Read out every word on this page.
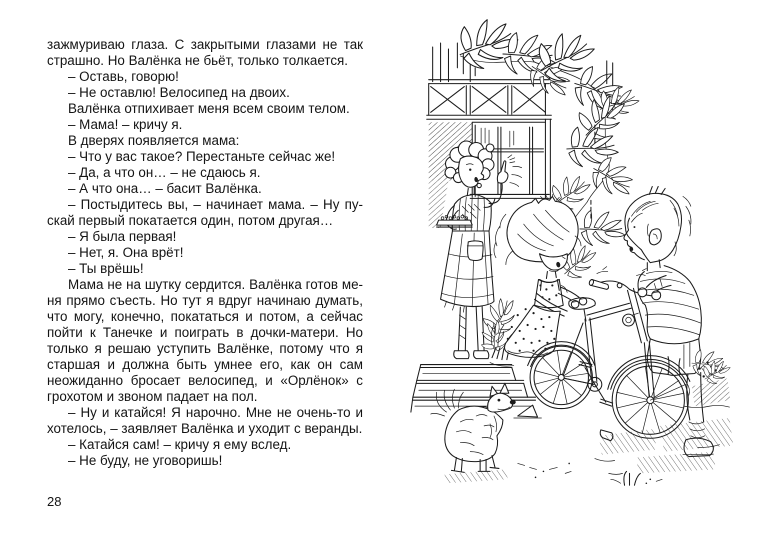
зажмуриваю глаза. С закрытыми глазами не так страшно. Но Валёнка не бьёт, только толкается.

– Оставь, говорю!

– Не оставлю! Велосипед на двоих.

Валёнка отпихивает меня всем своим телом.

– Мама! – кричу я.

В дверях появляется мама:

– Что у вас такое? Перестаньте сейчас же!

– Да, а что он… – не сдаюсь я.

– А что она… – басит Валёнка.

– Постыдитесь вы, – начинает мама. – Ну пускай первый покатается один, потом другая…

– Я была первая!

– Нет, я. Она врёт!

– Ты врёшь!

Мама не на шутку сердится. Валёнка готов меня прямо съесть. Но тут я вдруг начинаю думать, что могу, конечно, покататься и потом, а сейчас пойти к Танечке и поиграть в дочки-матери. Но только я решаю уступить Валёнке, потому что я старшая и должна быть умнее его, как он сам неожиданно бросает велосипед, и «Орлёнок» с грохотом и звоном падает на пол.

– Ну и катайся! Я нарочно. Мне не очень-то и хотелось, – заявляет Валёнка и уходит с веранды.

– Катайся сам! – кричу я ему вслед.

– Не буду, не уговоришь!

28
